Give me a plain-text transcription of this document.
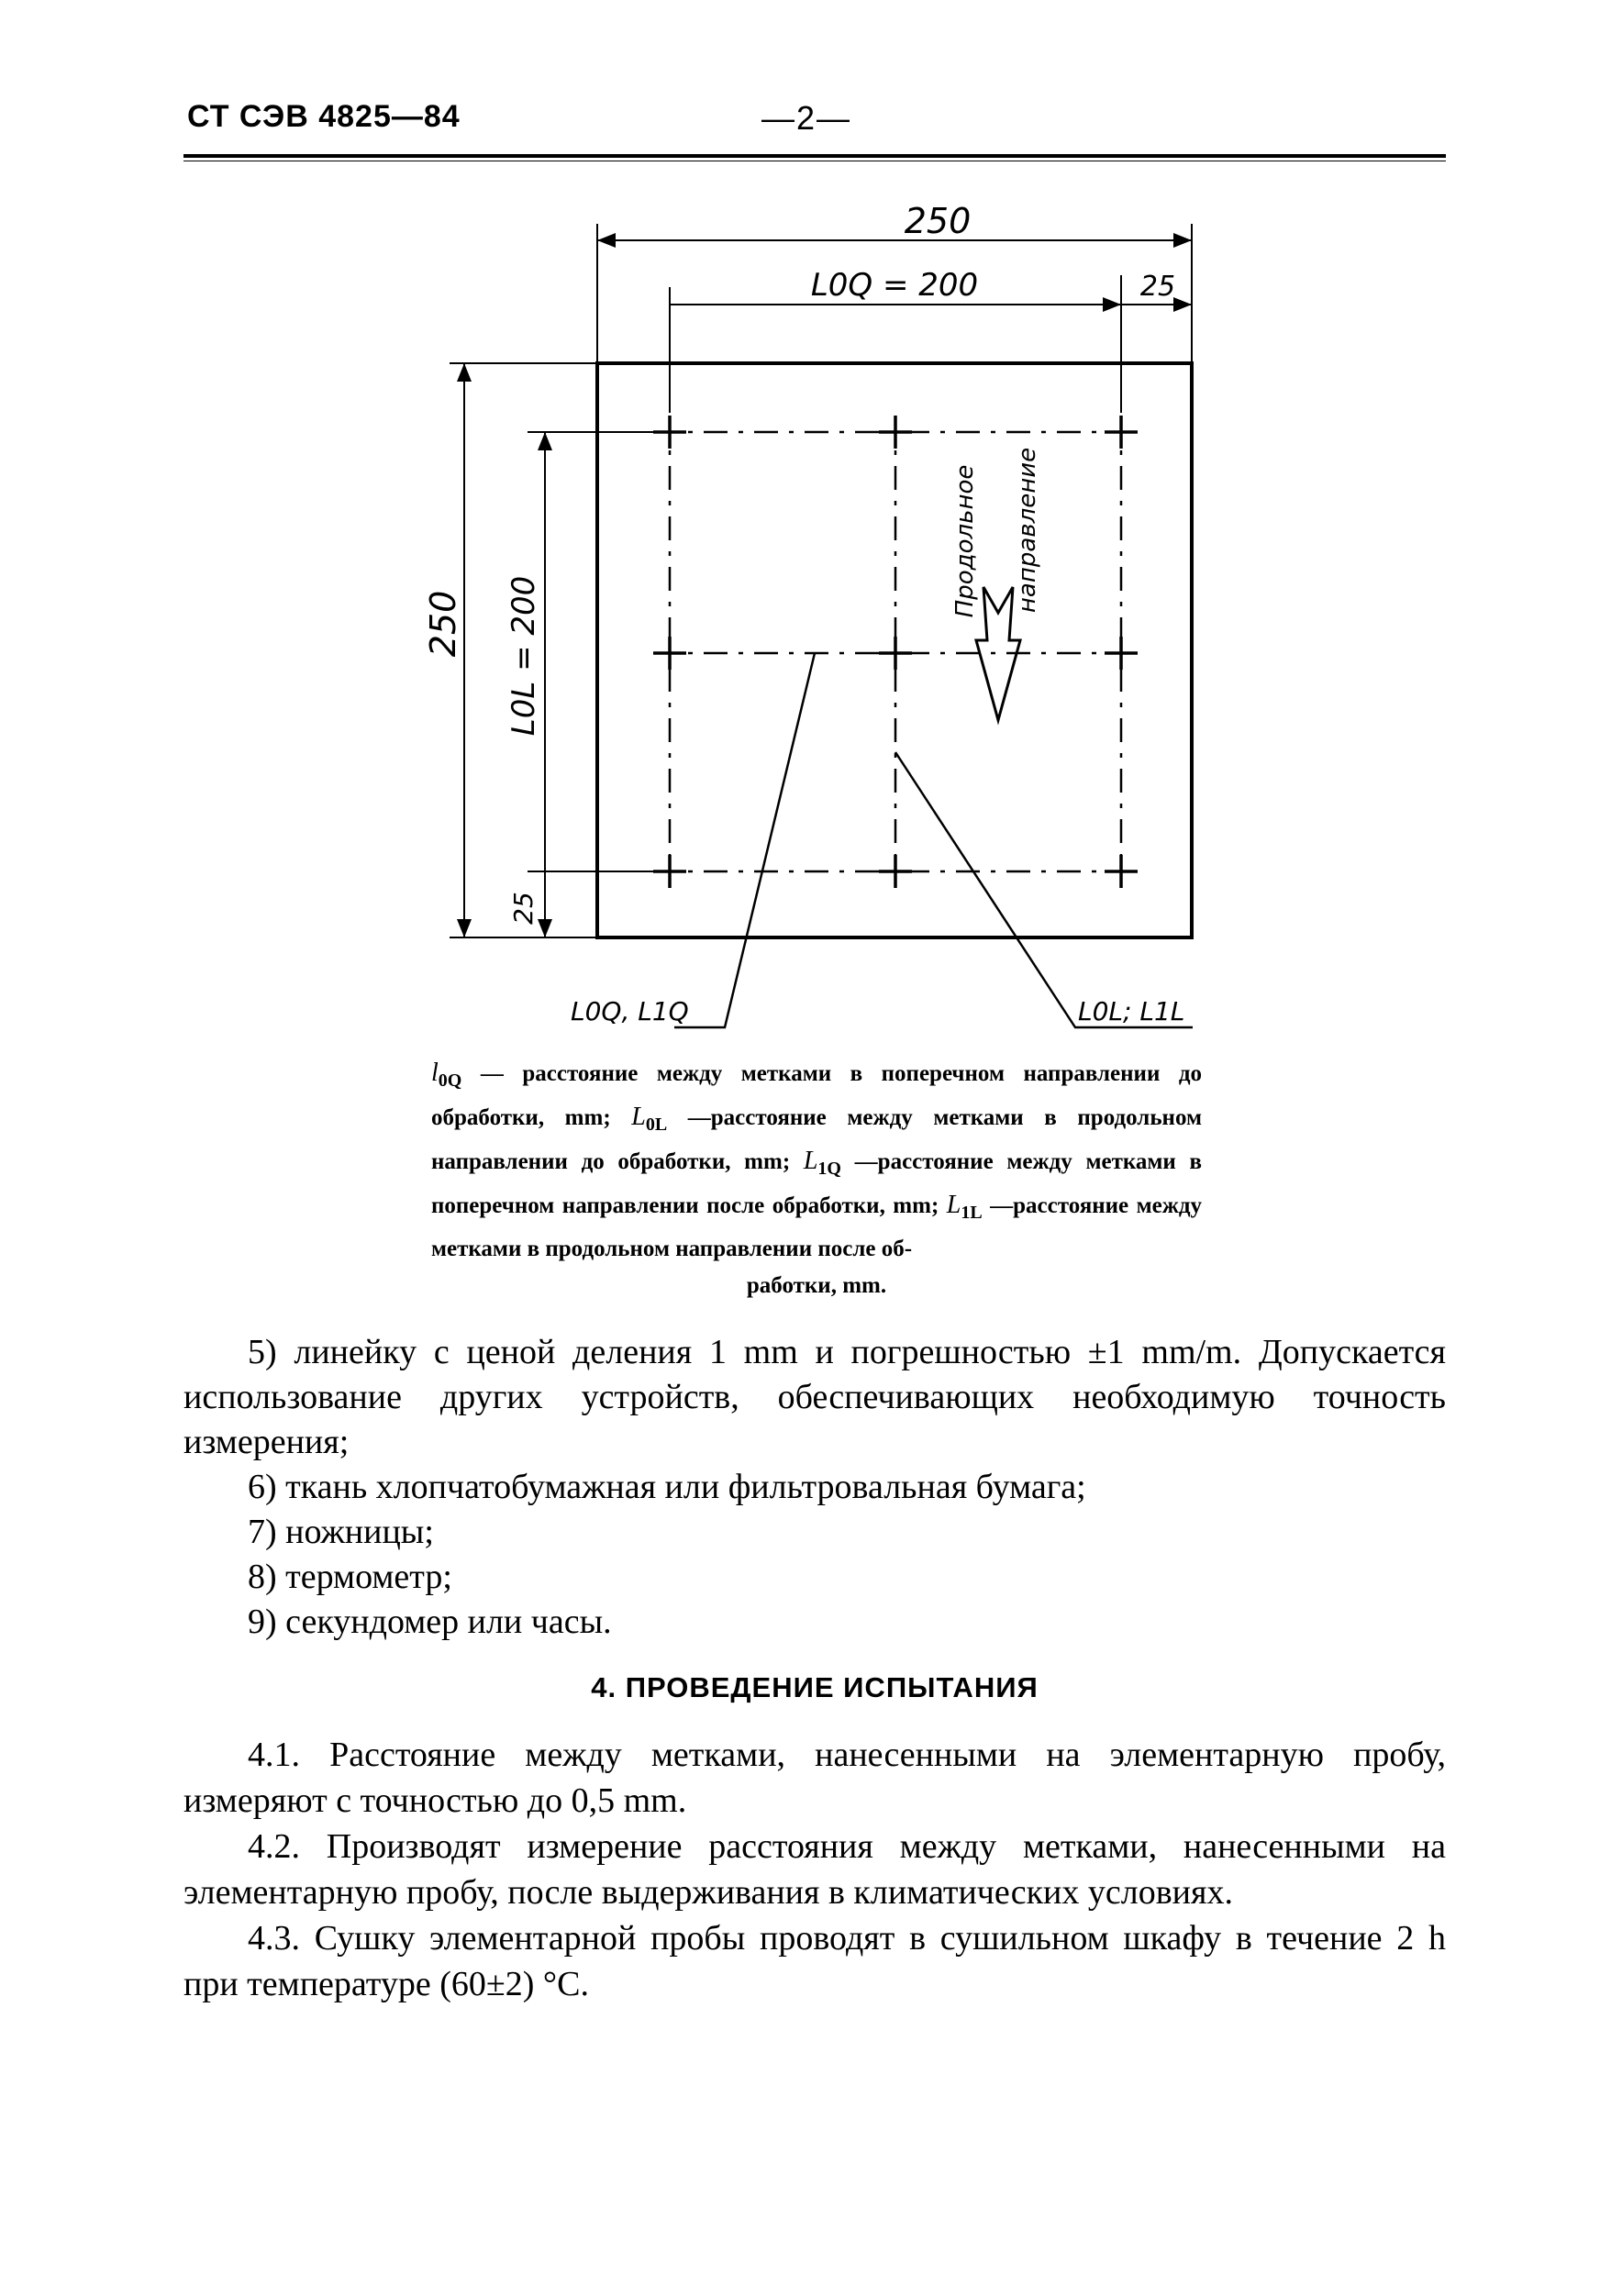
СТ СЭВ 4825—84	—2—
250
L0Q = 200	25
250 L0L = 200
25
Продольное направление
L0Q, L1Q	L0L; L1L
$l_{0Q}$ — расстояние между метками в поперечном направлении до обработки, mm; $L_{0L}$ —расстояние между метками в продольном направлении до обработки, mm; $L_{1Q}$ —расстояние между метками в поперечном направлении после обработки, mm; $L_{1L}$ —расстояние между метками в продольном направлении после об-
работки, mm.
5) линейку с ценой деления 1 mm и погрешностью ±1 mm/m. Допускается использование других устройств, обеспечивающих необходимую точность измерения;
6) ткань хлопчатобумажная или фильтровальная бумага;
7) ножницы;
8) термометр;
9) секундомер или часы.
4. ПРОВЕДЕНИЕ ИСПЫТАНИЯ
4.1. Расстояние между метками, нанесенными на элементарную пробу, измеряют с точностью до 0,5 mm.
4.2. Производят измерение расстояния между метками, нанесенными на элементарную пробу, после выдерживания в климатических условиях.
4.3. Сушку элементарной пробы проводят в сушильном шкафу в течение 2 h при температуре (60±2) °С.
